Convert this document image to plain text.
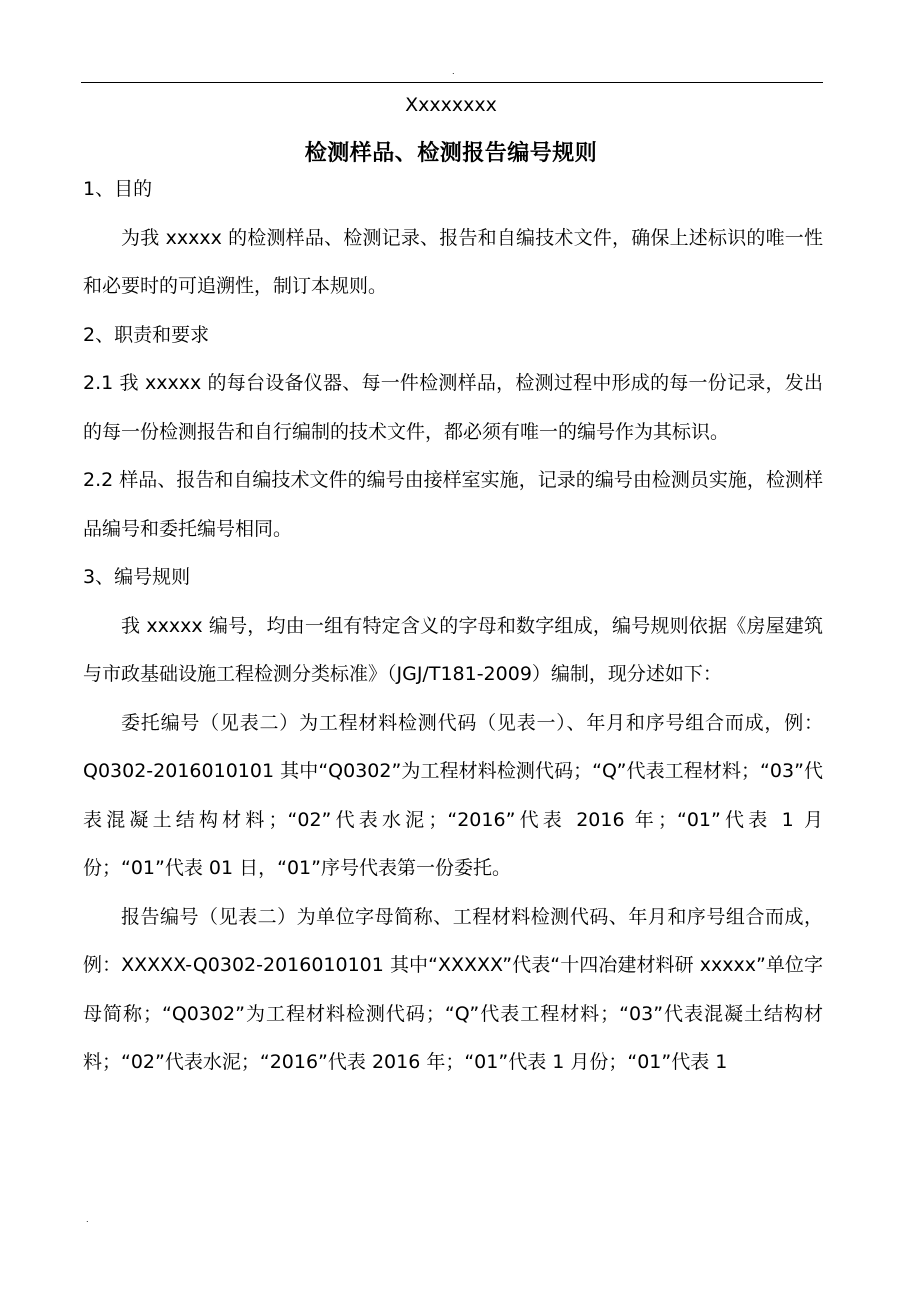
.
Xxxxxxxx
检测样品、检测报告编号规则

1、目的

为我 xxxxx 的检测样品、检测记录、报告和自编技术文件，确保上述标识的唯一性和必要时的可追溯性，制订本规则。

2、职责和要求

2.1 我 xxxxx 的每台设备仪器、每一件检测样品，检测过程中形成的每一份记录，发出的每一份检测报告和自行编制的技术文件，都必须有唯一的编号作为其标识。

2.2 样品、报告和自编技术文件的编号由接样室实施，记录的编号由检测员实施，检测样品编号和委托编号相同。

3、编号规则

我 xxxxx 编号，均由一组有特定含义的字母和数字组成，编号规则依据《房屋建筑与市政基础设施工程检测分类标准》（JGJ/T181-2009）编制，现分述如下：

委托编号（见表二）为工程材料检测代码（见表一）、年月和序号组合而成，例：Q0302-2016010101 其中“Q0302”为工程材料检测代码；“Q”代表工程材料；“03”代表混凝土结构材料；“02”代表水泥；“2016”代表 2016 年；“01”代表 1 月份；“01”代表 01 日，“01”序号代表第一份委托。

报告编号（见表二）为单位字母简称、工程材料检测代码、年月和序号组合而成，例：XXXXX-Q0302-2016010101 其中“XXXXX”代表“十四冶建材料研 xxxxx”单位字母简称；“Q0302”为工程材料检测代码；“Q”代表工程材料；“03”代表混凝土结构材料；“02”代表水泥；“2016”代表 2016 年；“01”代表 1 月份；“01”代表 1

.
